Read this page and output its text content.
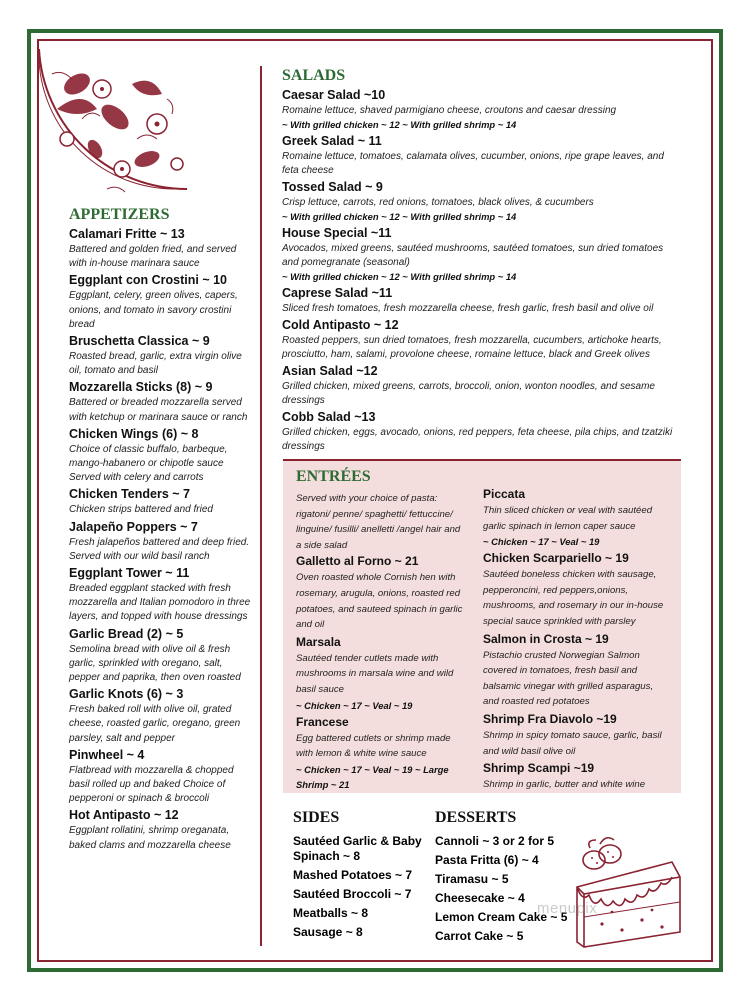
APPETIZERS
Calamari Fritte ~ 13
Battered and golden fried, and served with in-house marinara sauce
Eggplant con Crostini ~ 10
Eggplant, celery, green olives, capers, onions, and tomato in savory crostini bread
Bruschetta Classica ~ 9
Roasted bread, garlic, extra virgin olive oil, tomato and basil
Mozzarella Sticks (8) ~ 9
Battered or breaded mozzarella served with ketchup or marinara sauce or ranch
Chicken Wings (6) ~ 8
Choice of classic buffalo, barbeque, mango-habanero or chipotle sauce Served with celery and carrots
Chicken Tenders ~ 7
Chicken strips battered and fried
Jalapeño Poppers ~ 7
Fresh jalapeños battered and deep fried. Served with our wild basil ranch
Eggplant Tower ~ 11
Breaded eggplant stacked with fresh mozzarella and Italian pomodoro in three layers, and topped with house dressings
Garlic Bread (2) ~ 5
Semolina bread with olive oil & fresh garlic, sprinkled with oregano, salt, pepper and paprika, then oven roasted
Garlic Knots (6) ~ 3
Fresh baked roll with olive oil, grated cheese, roasted garlic, oregano, green parsley, salt and pepper
Pinwheel ~ 4
Flatbread with mozzarella & chopped basil rolled up and baked Choice of pepperoni or spinach & broccoli
Hot Antipasto ~ 12
Eggplant rollatini, shrimp oreganata, baked clams and mozzarella cheese
SALADS
Caesar Salad ~10
Romaine lettuce, shaved parmigiano cheese, croutons and caesar dressing
~ With grilled chicken ~ 12 ~ With grilled shrimp ~ 14
Greek Salad ~ 11
Romaine lettuce, tomatoes, calamata olives, cucumber, onions, ripe grape leaves, and feta cheese
Tossed Salad ~ 9
Crisp lettuce, carrots, red onions, tomatoes, black olives, & cucumbers
~ With grilled chicken ~ 12 ~ With grilled shrimp ~ 14
House Special ~11
Avocados, mixed greens, sautéed mushrooms, sautéed tomatoes, sun dried tomatoes and pomegranate (seasonal)
~ With grilled chicken ~ 12 ~ With grilled shrimp ~ 14
Caprese Salad ~11
Sliced fresh tomatoes, fresh mozzarella cheese, fresh garlic, fresh basil and olive oil
Cold Antipasto ~ 12
Roasted peppers, sun dried tomatoes, fresh mozzarella, cucumbers, artichoke hearts, prosciutto, ham, salami, provolone cheese, romaine lettuce, black and Greek olives
Asian Salad ~12
Grilled chicken, mixed greens, carrots, broccoli, onion, wonton noodles, and sesame dressings
Cobb Salad ~13
Grilled chicken, eggs, avocado, onions, red peppers, feta cheese, pila chips, and tzatziki dressings
ENTRÉES
Served with your choice of pasta: rigatoni/ penne/ spaghetti/ fettuccine/ linguine/ fusilli/ anelletti /angel hair and a side salad
Galletto al Forno ~ 21
Oven roasted whole Cornish hen with rosemary, arugula, onions, roasted red potatoes, and sauteed spinach in garlic and oil
Marsala
Sautéed tender cutlets made with mushrooms in marsala wine and wild basil sauce
~ Chicken ~ 17 ~ Veal ~ 19
Francese
Egg battered cutlets or shrimp made with lemon & white wine sauce
~ Chicken ~ 17 ~ Veal ~ 19 ~ Large Shrimp ~ 21
Piccata
Thin sliced chicken or veal with sautéed garlic spinach in lemon caper sauce
~ Chicken ~ 17 ~ Veal ~ 19
Chicken Scarpariello ~ 19
Sautéed boneless chicken with sausage, pepperoncini, red peppers,onions, mushrooms, and rosemary in our in-house special sauce sprinkled with parsley
Salmon in Crosta ~ 19
Pistachio crusted Norwegian Salmon covered in tomatoes, fresh basil and balsamic vinegar with grilled asparagus, and roasted red potatoes
Shrimp Fra Diavolo ~19
Shrimp in spicy tomato sauce, garlic, basil and wild basil olive oil
Shrimp Scampi ~19
Shrimp in garlic, butter and white wine
SIDES
Sautéed Garlic & Baby Spinach ~ 8
Mashed Potatoes ~ 7
Sautéed Broccoli ~ 7
Meatballs ~ 8
Sausage ~ 8
DESSERTS
Cannoli ~ 3 or 2 for 5
Pasta Fritta (6) ~ 4
Tiramasu ~ 5
Cheesecake ~ 4
Lemon Cream Cake ~ 5
Carrot Cake ~ 5
menupix
